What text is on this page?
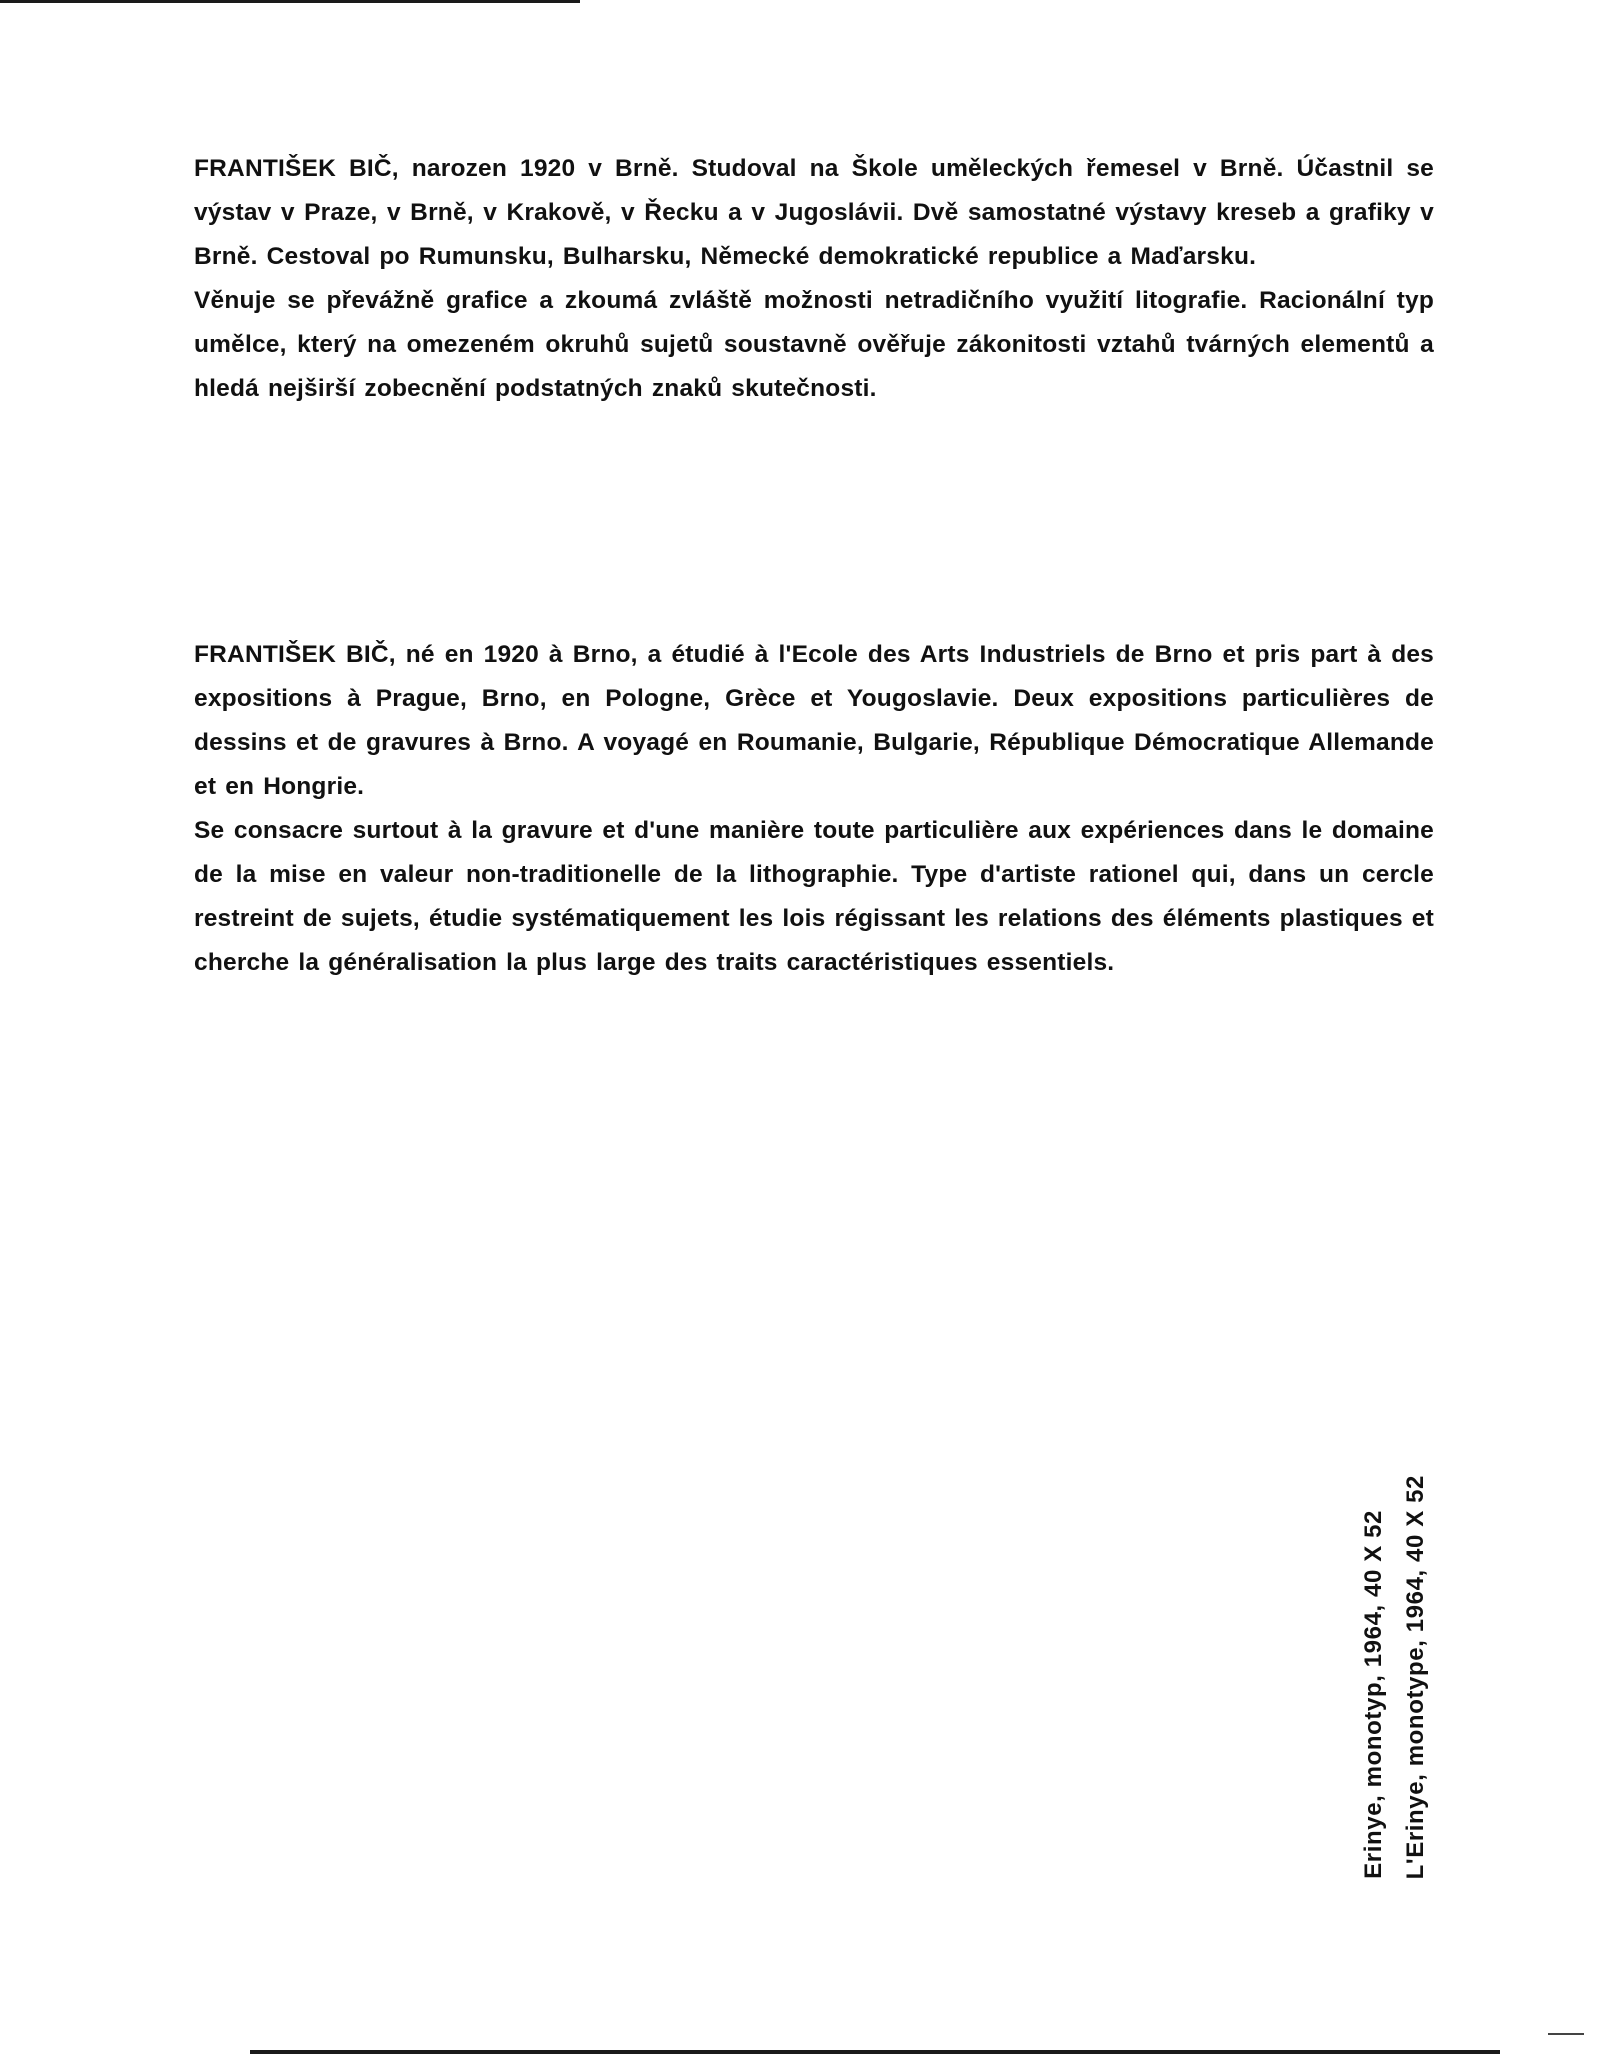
FRANTIŠEK BIČ, narozen 1920 v Brně. Studoval na Škole uměleckých řemesel v Brně. Účastnil se výstav v Praze, v Brně, v Krakově, v Řecku a v Jugoslávii. Dvě samostatné výstavy kreseb a grafiky v Brně. Cestoval po Rumunsku, Bulharsku, Německé demokratické republice a Maďarsku.

Věnuje se převážně grafice a zkoumá zvláště možnosti netradičního využití litografie. Racionální typ umělce, který na omezeném okruhů sujetů soustavně ověřuje zákonitosti vztahů tvárných elementů a hledá nejširší zobecnění podstatných znaků skutečnosti.

FRANTIŠEK BIČ, né en 1920 à Brno, a étudié à l'Ecole des Arts Industriels de Brno et pris part à des expositions à Prague, Brno, en Pologne, Grèce et Yougoslavie. Deux expositions particulières de dessins et de gravures à Brno. A voyagé en Roumanie, Bulgarie, République Démocratique Allemande et en Hongrie.

Se consacre surtout à la gravure et d'une manière toute particulière aux expériences dans le domaine de la mise en valeur non-traditionelle de la lithographie. Type d'artiste rationel qui, dans un cercle restreint de sujets, étudie systématiquement les lois régissant les relations des éléments plastiques et cherche la généralisation la plus large des traits caractéristiques essentiels.

Erinye, monotyp, 1964, 40 X 52 L'Erinye, monotype, 1964, 40 X 52
